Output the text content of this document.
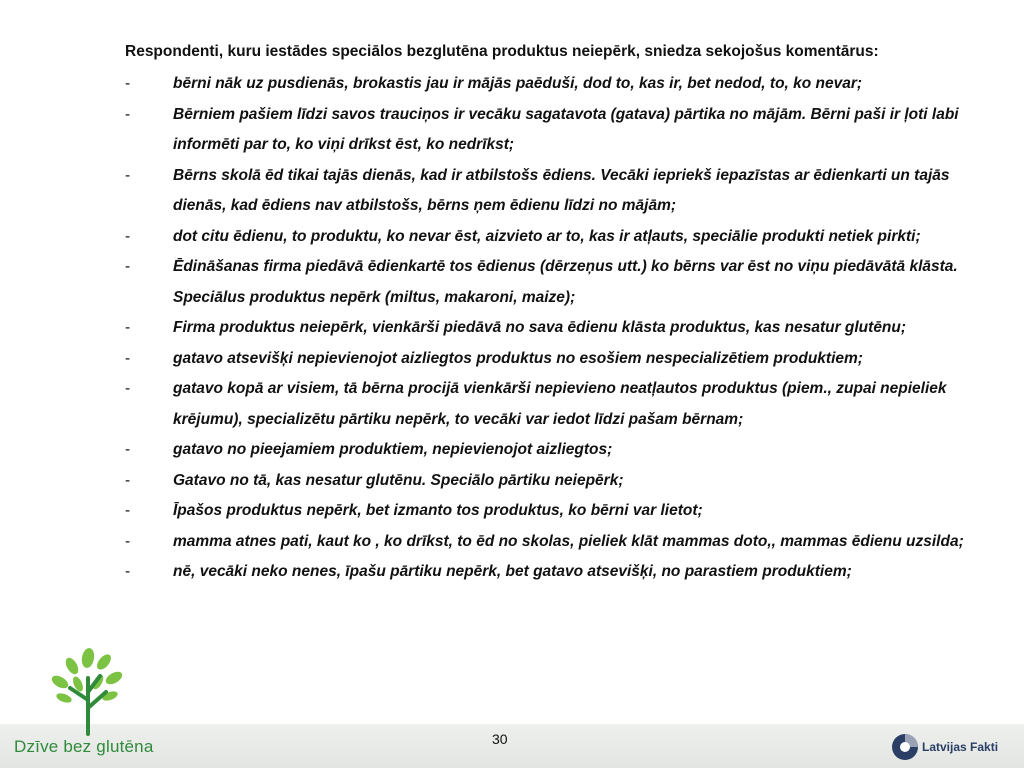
Respondenti, kuru iestādes speciālos bezglutēna produktus neiepērk, sniedza sekojošus komentārus:

-	bērni nāk uz pusdienās, brokastis jau ir mājās paēduši, dod to, kas ir, bet nedod, to, ko nevar;
-	Bērniem pašiem līdzi savos trauciņos ir vecāku sagatavota (gatava) pārtika no mājām. Bērni paši ir ļoti labi informēti par to, ko viņi drīkst ēst, ko nedrīkst;
-	Bērns skolā ēd tikai tajās dienās, kad ir atbilstošs ēdiens. Vecāki iepriekš iepazīstas ar ēdienkarti un tajās dienās, kad ēdiens nav atbilstošs, bērns ņem ēdienu līdzi no mājām;
-	dot citu ēdienu, to produktu, ko nevar ēst, aizvieto ar to, kas ir atļauts, speciālie produkti netiek pirkti;
-	Ēdināšanas firma piedāvā ēdienkartē tos ēdienus (dērzeņus utt.) ko bērns var ēst no viņu piedāvātā klāsta. Speciālus produktus nepērk (miltus, makaroni, maize);
-	Firma produktus neiepērk, vienkārši piedāvā no sava ēdienu klāsta produktus, kas nesatur glutēnu;
-	gatavo atsevišķi nepievienojot aizliegtos produktus no esošiem nespecializētiem produktiem;
-	gatavo kopā ar visiem, tā bērna procijā vienkārši nepievieno neatļautos produktus (piem., zupai nepieliek krējumu), specializētu pārtiku nepērk, to vecāki var iedot līdzi pašam bērnam;
-	gatavo no pieejamiem produktiem, nepievienojot aizliegtos;
-	Gatavo no tā, kas nesatur glutēnu. Speciālo pārtiku neiepērk;
-	Īpašos produktus nepērk, bet izmanto tos produktus, ko bērni var lietot;
-	mamma atnes pati, kaut ko , ko drīkst, to ēd no skolas, pieliek klāt mammas doto,, mammas ēdienu uzsilda;
-	nē, vecāki neko nenes, īpašu pārtiku nepērk, bet gatavo atsevišķi, no parastiem produktiem;
Dzīve bez glutēna	30	Latvijas Fakti
